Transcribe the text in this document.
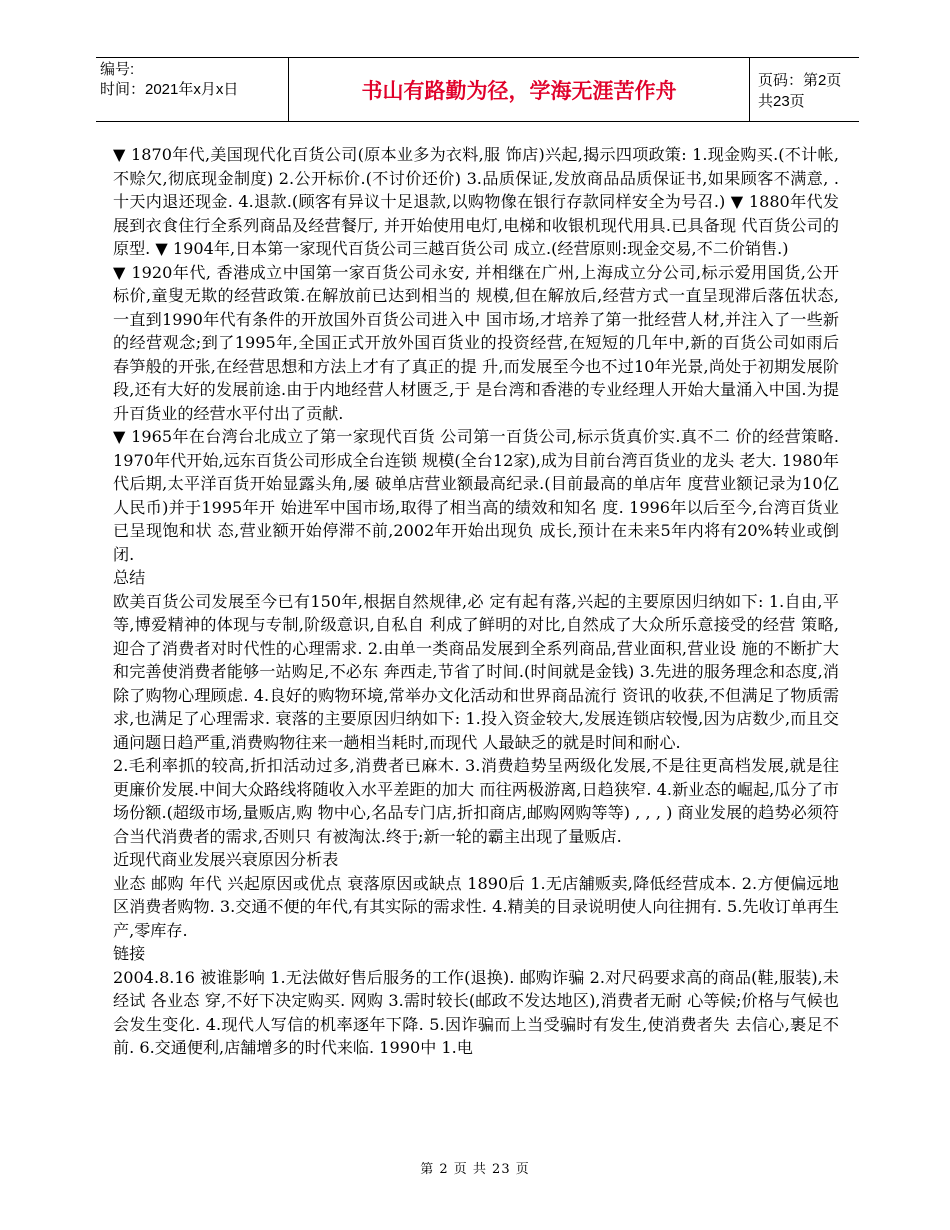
编号:
时间：2021年x月x日	书山有路勤为径，学海无涯苦作舟	页码：第2页 共23页

▼ 1870年代,美国现代化百货公司(原本业多为衣料,服 饰店)兴起,揭示四项政策: 1.现金购买.(不计帐,不赊欠,彻底现金制度) 2.公开标价.(不讨价还价) 3.品质保证,发放商品品质保证书,如果顾客不满意, . 十天内退还现金. 4.退款.(顾客有异议十足退款,以购物像在银行存款同样安全为号召.) ▼ 1880年代发展到衣食住行全系列商品及经营餐厅, 并开始使用电灯,电梯和收银机现代用具.已具备现 代百货公司的原型. ▼ 1904年,日本第一家现代百货公司三越百货公司 成立.(经营原则:现金交易,不二价销售.)

▼ 1920年代, 香港成立中国第一家百货公司永安, 并相继在广州,上海成立分公司,标示爱用国货,公开 标价,童叟无欺的经营政策.在解放前已达到相当的 规模,但在解放后,经营方式一直呈现滞后落伍状态, 一直到1990年代有条件的开放国外百货公司进入中 国市场,才培养了第一批经营人材,并注入了一些新 的经营观念;到了1995年,全国正式开放外国百货业的投资经营,在短短的几年中,新的百货公司如雨后 春笋般的开张,在经营思想和方法上才有了真正的提 升,而发展至今也不过10年光景,尚处于初期发展阶 段,还有大好的发展前途.由于内地经营人材匮乏,于 是台湾和香港的专业经理人开始大量涌入中国.为提 升百货业的经营水平付出了贡献.

▼ 1965年在台湾台北成立了第一家现代百货 公司第一百货公司,标示货真价实.真不二 价的经营策略. 1970年代开始,远东百货公司形成全台连锁 规模(全台12家),成为目前台湾百货业的龙头 老大. 1980年代后期,太平洋百货开始显露头角,屡 破单店营业额最高纪录.(目前最高的单店年 度营业额记录为10亿人民币)并于1995年开 始进军中国市场,取得了相当高的绩效和知名 度. 1996年以后至今,台湾百货业已呈现饱和状 态,营业额开始停滞不前,2002年开始出现负 成长,预计在未来5年内将有20%转业或倒闭.

总结

欧美百货公司发展至今已有150年,根据自然规律,必 定有起有落,兴起的主要原因归纳如下: 1.自由,平等,博爱精神的体现与专制,阶级意识,自私自 利成了鲜明的对比,自然成了大众所乐意接受的经营 策略,迎合了消费者对时代性的心理需求. 2.由单一类商品发展到全系列商品,营业面积,营业设 施的不断扩大和完善使消费者能够一站购足,不必东 奔西走,节省了时间.(时间就是金钱) 3.先进的服务理念和态度,消除了购物心理顾虑. 4.良好的购物环境,常举办文化活动和世界商品流行 资讯的收获,不但满足了物质需求,也满足了心理需求. 衰落的主要原因归纳如下: 1.投入资金较大,发展连锁店较慢,因为店数少,而且交 通问题日趋严重,消费购物往来一趟相当耗时,而现代 人最缺乏的就是时间和耐心.

2.毛利率抓的较高,折扣活动过多,消费者已麻木. 3.消费趋势呈两级化发展,不是往更高档发展,就是往 更廉价发展.中间大众路线将随收入水平差距的加大 而往两极游离,日趋狭窄. 4.新业态的崛起,瓜分了市场份额.(超级市场,量贩店,购 物中心,名品专门店,折扣商店,邮购网购等等) , , , ) 商业发展的趋势必须符合当代消费者的需求,否则只 有被淘汰.终于;新一轮的霸主出现了量贩店.

近现代商业发展兴衰原因分析表

业态 邮购 年代 兴起原因或优点 衰落原因或缺点 1890后 1.无店舖贩卖,降低经营成本. 2.方便偏远地区消费者购物. 3.交通不便的年代,有其实际的需求性. 4.精美的目录说明使人向往拥有. 5.先收订单再生产,零库存.

链接

2004.8.16 被谁影响 1.无法做好售后服务的工作(退换). 邮购诈骗 2.对尺码要求高的商品(鞋,服装),未经试 各业态 穿,不好下决定购买. 网购 3.需时较长(邮政不发达地区),消费者无耐 心等候;价格与气候也会发生变化. 4.现代人写信的机率逐年下降. 5.因诈骗而上当受骗时有发生,使消费者失 去信心,裹足不前. 6.交通便利,店舗增多的时代来临. 1990中 1.电

第 2 页 共 23 页
